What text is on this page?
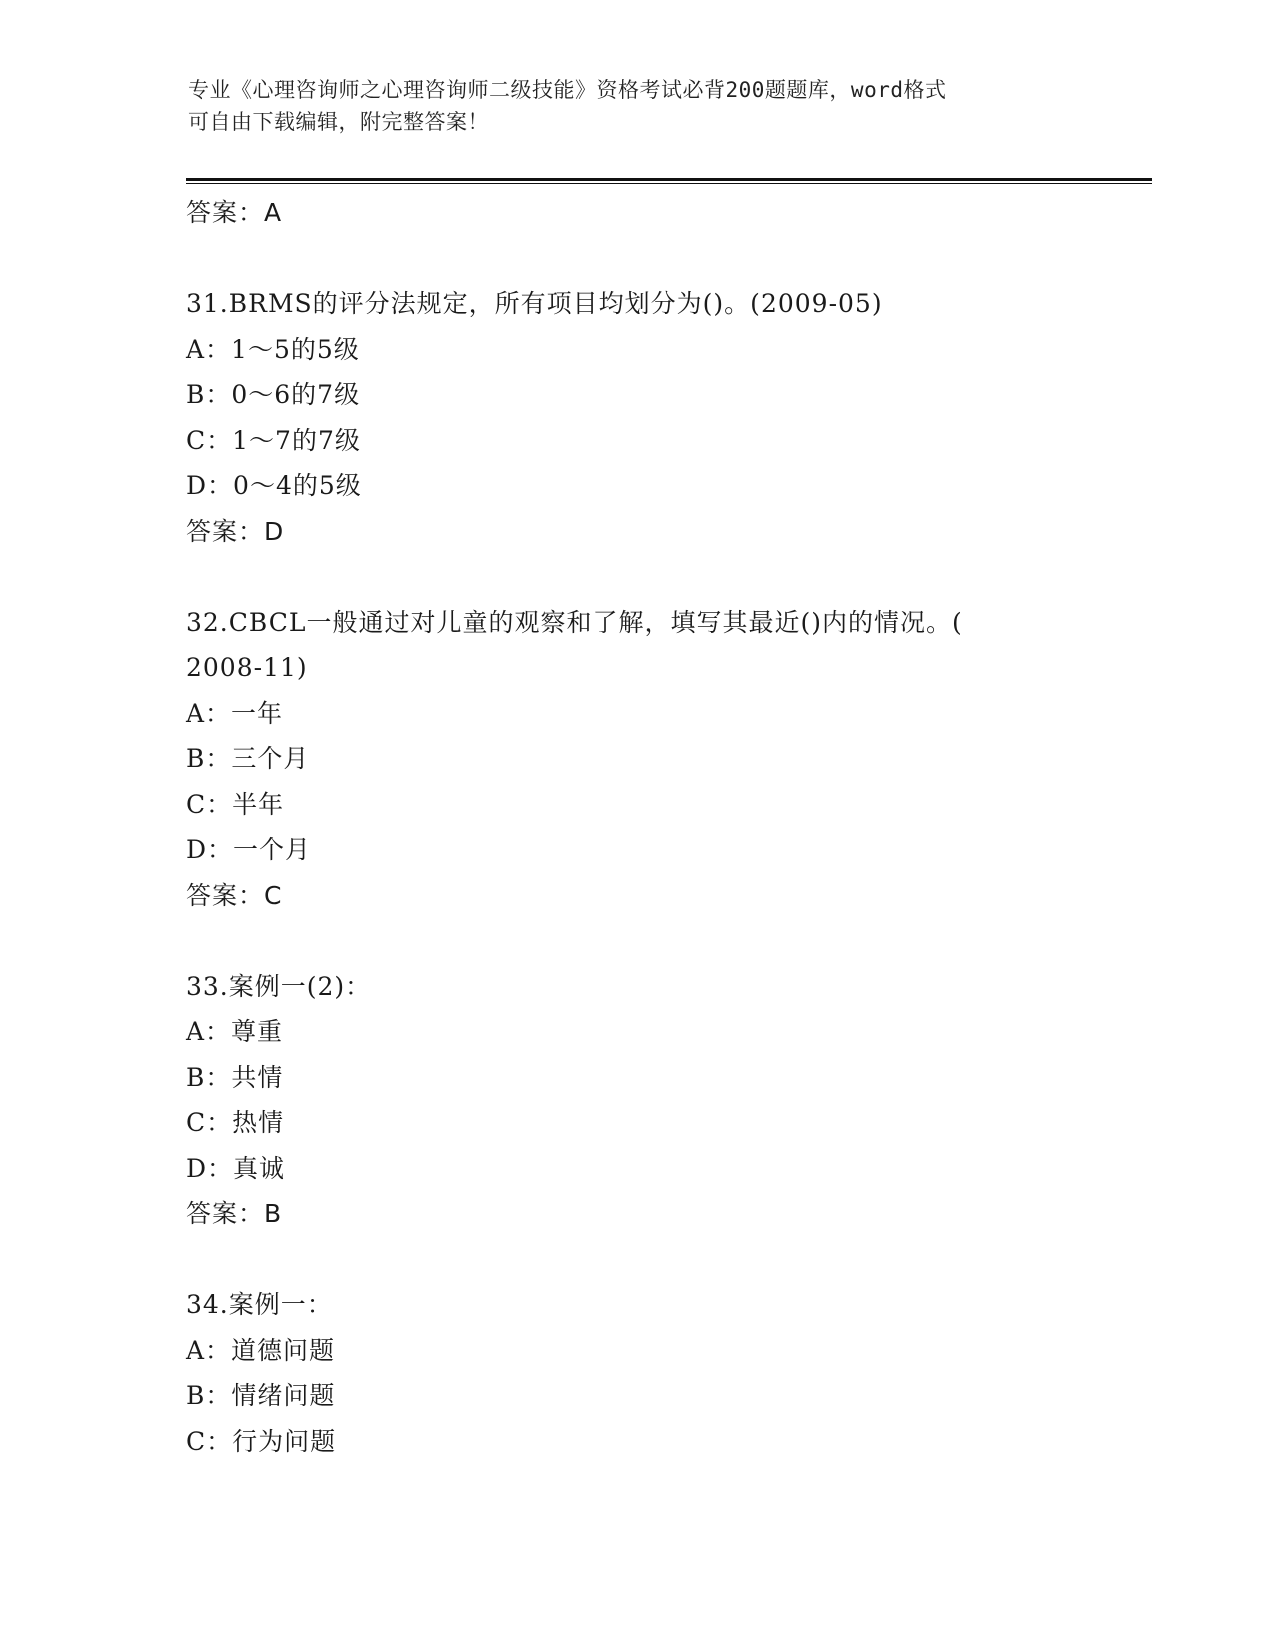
专业《心理咨询师之心理咨询师二级技能》资格考试必背200题题库，word格式
可自由下载编辑，附完整答案！
答案：A
31.BRMS的评分法规定，所有项目均划分为()。(2009-05)
A：1～5的5级
B：0～6的7级
C：1～7的7级
D：0～4的5级
答案：D
32.CBCL一般通过对儿童的观察和了解，填写其最近()内的情况。(
2008-11)
A：一年
B：三个月
C：半年
D：一个月
答案：C
33.案例一(2)：
A：尊重
B：共情
C：热情
D：真诚
答案：B
34.案例一：
A：道德问题
B：情绪问题
C：行为问题
